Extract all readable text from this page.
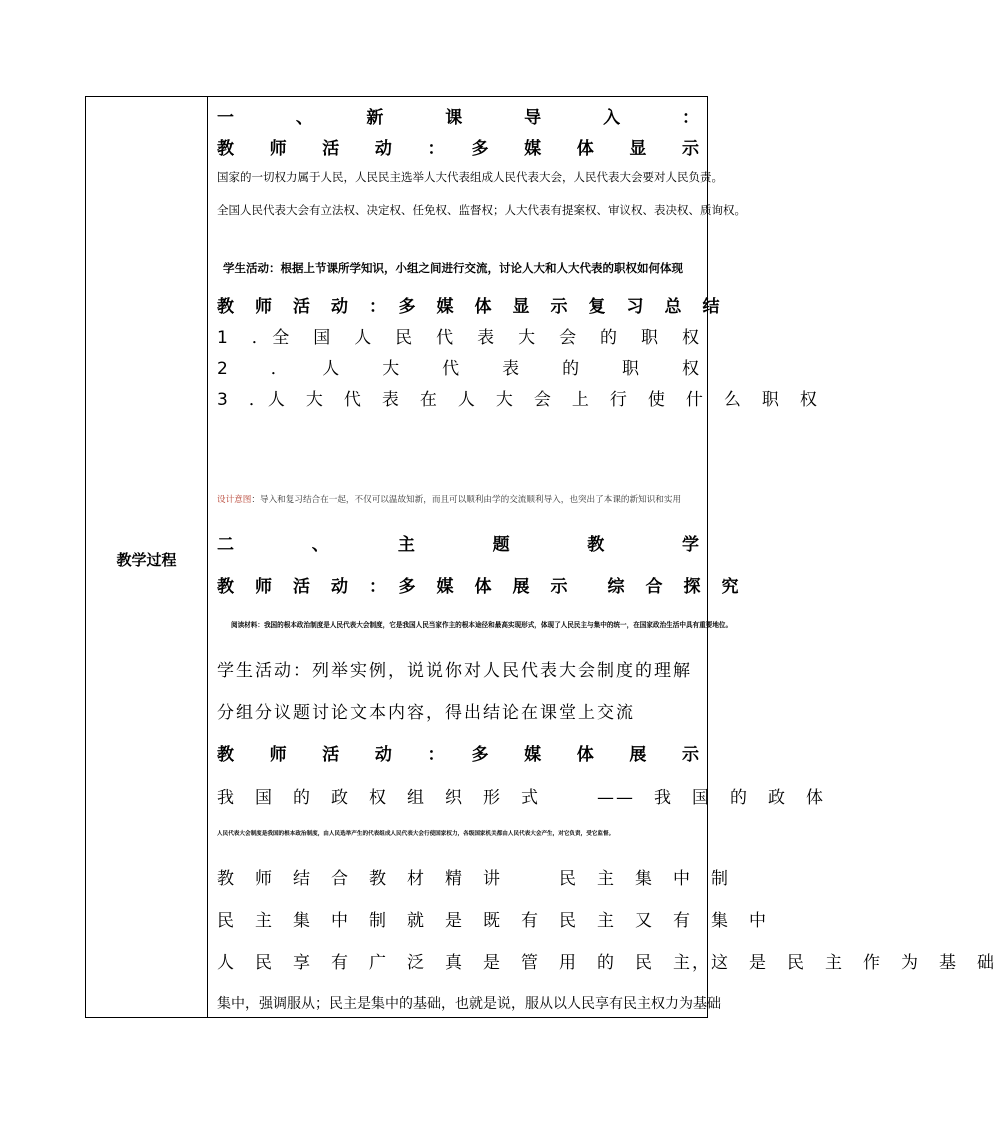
教学过程
一　、　新　课　导　入　：
教　师　活　动　：　多　媒　体　显　示
国家的一切权力属于人民，人民民主选举人大代表组成人民代表大会，人民代表大会要对人民负责。
全国人民代表大会有立法权、决定权、任免权、监督权；人大代表有提案权、审议权、表决权、质询权。
学生活动：根据上节课所学知识，小组之间进行交流，讨论人大和人大代表的职权如何体现
教　师　活　动　：　多　媒　体　显　示　复　习　总　结
1　．全　国　人　民　代　表　大　会　的　职　权
2　．　人　大　代　表　的　职　权
3　．人　大　代　表　在　人　大　会　上　行　使　什　么　职　权
设计意图：导入和复习结合在一起，不仅可以温故知新，而且可以顺利由学的交流顺利导入，也突出了本课的新知识和实用
二　、　主　题　教　学
教　师　活　动　：　多　媒　体　展　示　　综　合　探　究
阅读材料：我国的根本政治制度是人民代表大会制度，它是我国人民当家作主的根本途径和最高实现形式，体现了人民民主与集中的统一，在国家政治生活中具有重要地位。
学生活动：列举实例，说说你对人民代表大会制度的理解
分组分议题讨论文本内容，得出结论在课堂上交流
教　师　活　动　：　多　媒　体　展　示
我　国　的　政　权　组　织　形　式　　　——　我　国　的　政　体
人民代表大会制度是我国的根本政治制度，由人民选举产生的代表组成人民代表大会行使国家权力，各级国家机关都由人民代表大会产生，对它负责，受它监督。
教　师　结　合　教　材　精　讲　　　民　主　集　中　制
民　主　集　中　制　就　是　既　有　民　主　又　有　集　中
人　民　享　有　广　泛　真　是　管　用　的　民　主，这　是　民　主　作　为　基　础
集中，强调服从；民主是集中的基础，也就是说，服从以人民享有民主权力为基础
